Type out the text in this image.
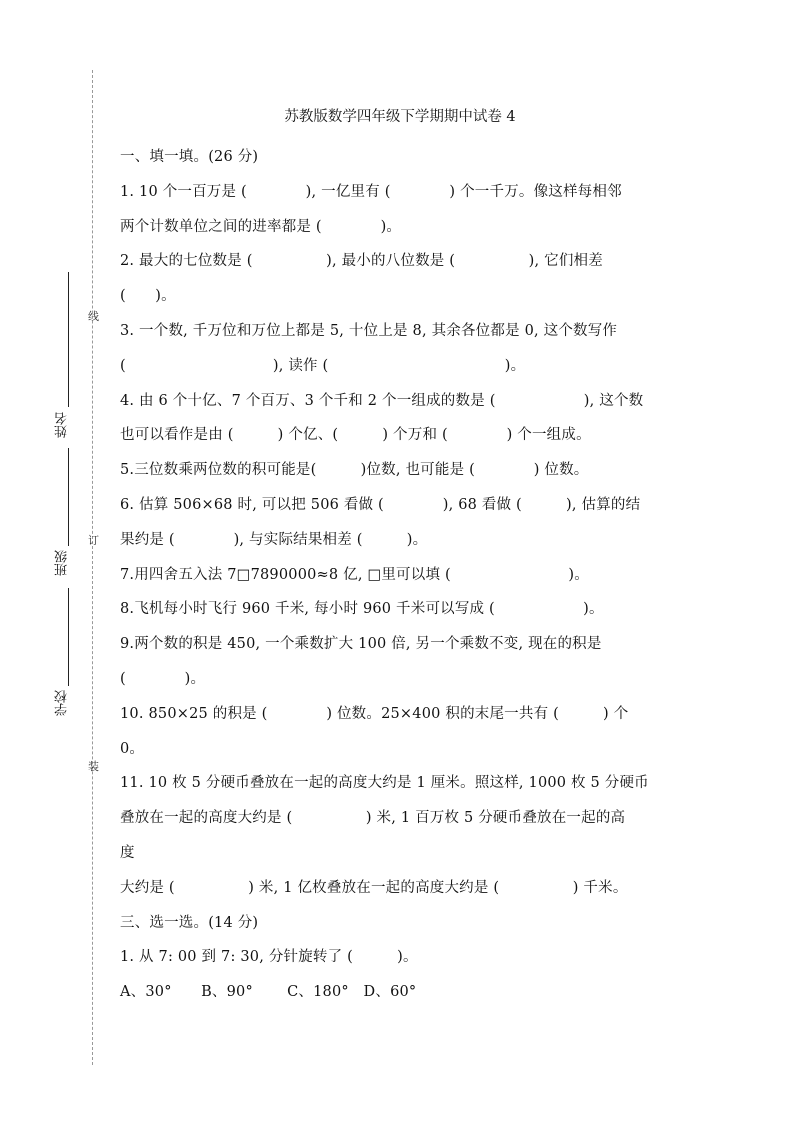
姓名
班级
学校
线
订
装
苏教版数学四年级下学期期中试卷 4

一、填一填。(26 分)

1. 10 个一百万是 (　　　　), 一亿里有 (　　　　) 个一千万。像这样每相邻

两个计数单位之间的进率都是 (　　　　)。

2. 最大的七位数是 (　　　　　), 最小的八位数是 (　　　　　), 它们相差

(　　)。

3. 一个数, 千万位和万位上都是 5, 十位上是 8, 其余各位都是 0, 这个数写作

(　　　　　　　　　　), 读作 (　　　　　　　　　　　　)。

4. 由 6 个十亿、7 个百万、3 个千和 2 个一组成的数是 (　　　　　　), 这个数

也可以看作是由 (　　　) 个亿、(　　　) 个万和 (　　　　) 个一组成。

5.三位数乘两位数的积可能是(　　　)位数, 也可能是 (　　　　) 位数。

6. 估算 506×68 时, 可以把 506 看做 (　　　　), 68 看做 (　　　), 估算的结

果约是 (　　　　), 与实际结果相差 (　　　)。

7.用四舍五入法 7□7890000≈8 亿, □里可以填 (　　　　　　　　)。

8.飞机每小时飞行 960 千米, 每小时 960 千米可以写成 (　　　　　　)。

9.两个数的积是 450, 一个乘数扩大 100 倍, 另一个乘数不变, 现在的积是

(　　　　)。

10. 850×25 的积是 (　　　　) 位数。25×400 积的末尾一共有 (　　　) 个

0。

11. 10 枚 5 分硬币叠放在一起的高度大约是 1 厘米。照这样, 1000 枚 5 分硬币

叠放在一起的高度大约是 (　　　　　) 米, 1 百万枚 5 分硬币叠放在一起的高

度

大约是 (　　　　　) 米, 1 亿枚叠放在一起的高度大约是 (　　　　　) 千米。

三、选一选。(14 分)

1. 从 7: 00 到 7: 30, 分针旋转了 (　　　)。

A、30°　　B、90°　　 C、180°　D、60°
